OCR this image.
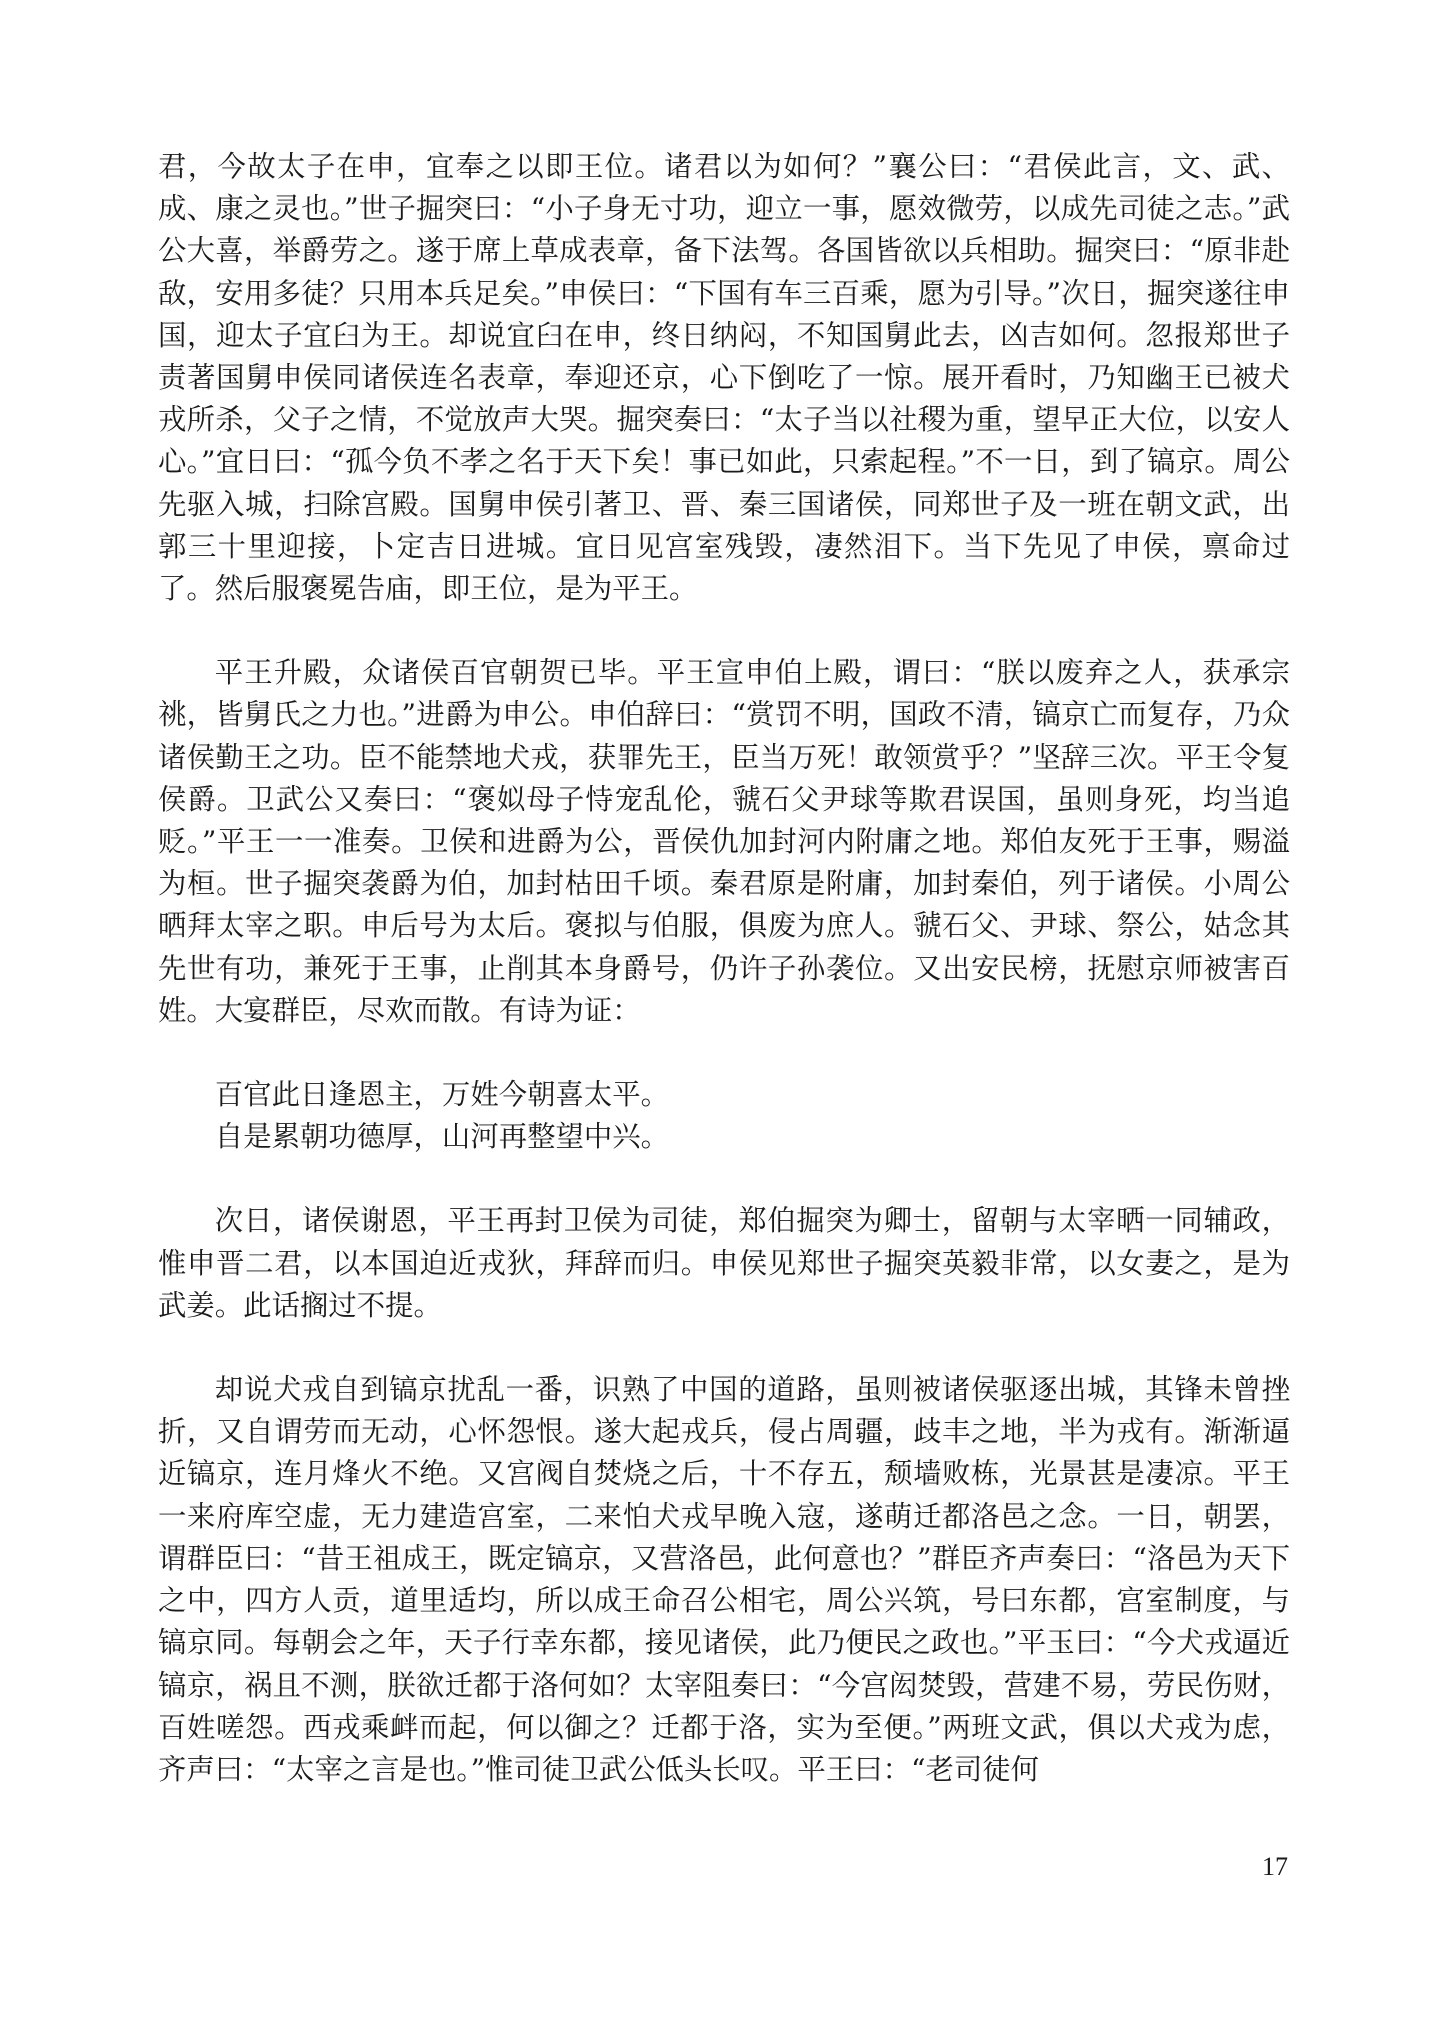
君，今故太子在申，宜奉之以即王位。诸君以为如何？”襄公曰：“君侯此言，文、武、成、康之灵也。”世子掘突曰：“小子身无寸功，迎立一事，愿效微劳，以成先司徒之志。”武公大喜，举爵劳之。遂于席上草成表章，备下法驾。各国皆欲以兵相助。掘突曰：“原非赴敌，安用多徒？只用本兵足矣。”申侯曰：“下国有车三百乘，愿为引导。”次日，掘突遂往申国，迎太子宜臼为王。却说宜臼在申，终日纳闷，不知国舅此去，凶吉如何。忽报郑世子责著国舅申侯同诸侯连名表章，奉迎还京，心下倒吃了一惊。展开看时，乃知幽王已被犬戎所杀，父子之情，不觉放声大哭。掘突奏曰：“太子当以社稷为重，望早正大位，以安人心。”宜日曰：“孤今负不孝之名于天下矣！事已如此，只索起程。”不一日，到了镐京。周公先驱入城，扫除宫殿。国舅申侯引著卫、晋、秦三国诸侯，同郑世子及一班在朝文武，出郭三十里迎接，卜定吉日进城。宜日见宫室残毁，凄然泪下。当下先见了申侯，禀命过了。然后服褒冕告庙，即王位，是为平王。

平王升殿，众诸侯百官朝贺已毕。平王宣申伯上殿，谓曰：“朕以废弃之人，获承宗祧，皆舅氏之力也。”进爵为申公。申伯辞曰：“赏罚不明，国政不清，镐京亡而复存，乃众诸侯勤王之功。臣不能禁地犬戎，获罪先王，臣当万死！敢领赏乎？”坚辞三次。平王令复侯爵。卫武公又奏曰：“褒姒母子恃宠乱伦，虢石父尹球等欺君误国，虽则身死，均当追贬。”平王一一准奏。卫侯和进爵为公，晋侯仇加封河内附庸之地。郑伯友死于王事，赐溢为桓。世子掘突袭爵为伯，加封枯田千顷。秦君原是附庸，加封秦伯，列于诸侯。小周公晒拜太宰之职。申后号为太后。褒拟与伯服，俱废为庶人。虢石父、尹球、祭公，姑念其先世有功，兼死于王事，止削其本身爵号，仍许子孙袭位。又出安民榜，抚慰京师被害百姓。大宴群臣，尽欢而散。有诗为证：

百官此日逢恩主，万姓今朝喜太平。

自是累朝功德厚，山河再整望中兴。

次日，诸侯谢恩，平王再封卫侯为司徒，郑伯掘突为卿士，留朝与太宰晒一同辅政，惟申晋二君，以本国迫近戎狄，拜辞而归。申侯见郑世子掘突英毅非常，以女妻之，是为武姜。此话搁过不提。

却说犬戎自到镐京扰乱一番，识熟了中国的道路，虽则被诸侯驱逐出城，其锋未曾挫折，又自谓劳而无动，心怀怨恨。遂大起戎兵，侵占周疆，歧丰之地，半为戎有。渐渐逼近镐京，连月烽火不绝。又宫阀自焚烧之后，十不存五，颓墙败栋，光景甚是凄凉。平王一来府库空虚，无力建造宫室，二来怕犬戎早晚入寇，遂萌迁都洛邑之念。一日，朝罢，谓群臣曰：“昔王祖成王，既定镐京，又营洛邑，此何意也？”群臣齐声奏曰：“洛邑为天下之中，四方人贡，道里适均，所以成王命召公相宅，周公兴筑，号曰东都，宫室制度，与镐京同。每朝会之年，天子行幸东都，接见诸侯，此乃便民之政也。”平玉曰：“今犬戎逼近镐京，祸且不测，朕欲迁都于洛何如？太宰阻奏曰：“今宫闳焚毁，营建不易，劳民伤财，百姓嗟怨。西戎乘衅而起，何以御之？迁都于洛，实为至便。”两班文武，俱以犬戎为虑，齐声曰：“太宰之言是也。”惟司徒卫武公低头长叹。平王曰：“老司徒何

17
